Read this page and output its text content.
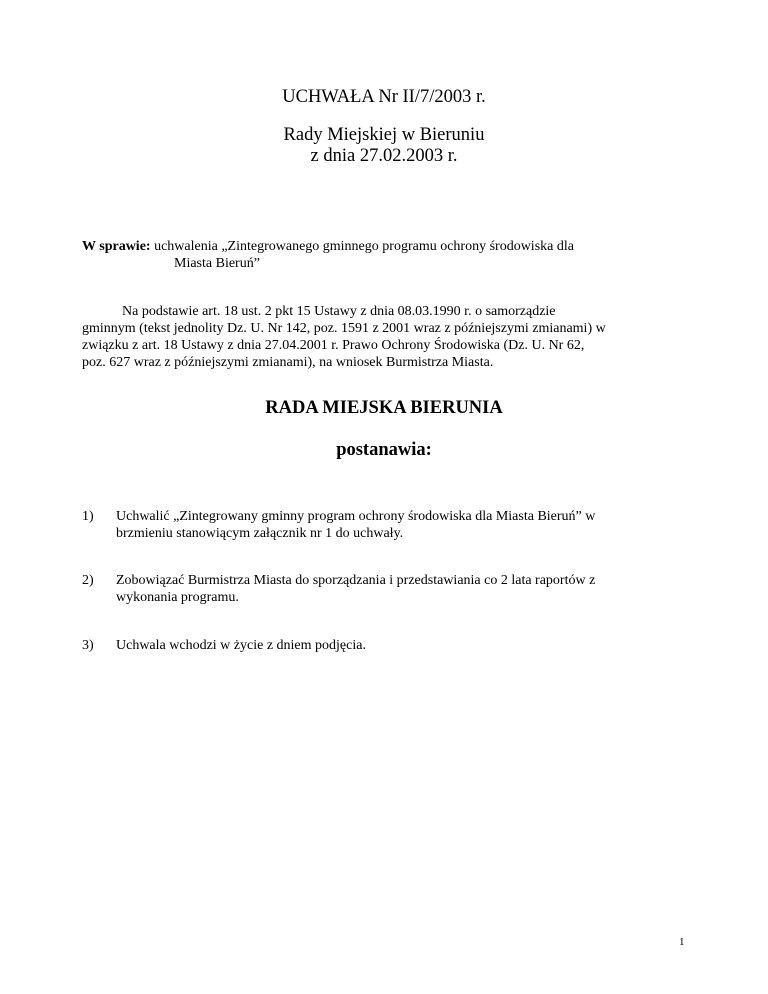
UCHWAŁA Nr II/7/2003 r.
Rady Miejskiej w Bieruniu
z dnia 27.02.2003 r.
W sprawie: uchwalenia „Zintegrowanego gminnego programu ochrony środowiska dla
Miasta Bieruń”
Na podstawie art. 18 ust. 2 pkt 15 Ustawy z dnia 08.03.1990 r. o samorządzie
gminnym (tekst jednolity Dz. U. Nr 142, poz. 1591 z 2001 wraz z późniejszymi zmianami) w
związku z art. 18 Ustawy z dnia 27.04.2001 r. Prawo Ochrony Środowiska (Dz. U. Nr 62,
poz. 627 wraz z późniejszymi zmianami), na wniosek Burmistrza Miasta.
RADA MIEJSKA BIERUNIA
postanawia:
1)	Uchwalić „Zintegrowany gminny program ochrony środowiska dla Miasta Bieruń” w
brzmieniu stanowiącym załącznik nr 1 do uchwały.
2)	Zobowiązać Burmistrza Miasta do sporządzania i przedstawiania co 2 lata raportów z
wykonania programu.
3)	Uchwala wchodzi w życie z dniem podjęcia.
1
